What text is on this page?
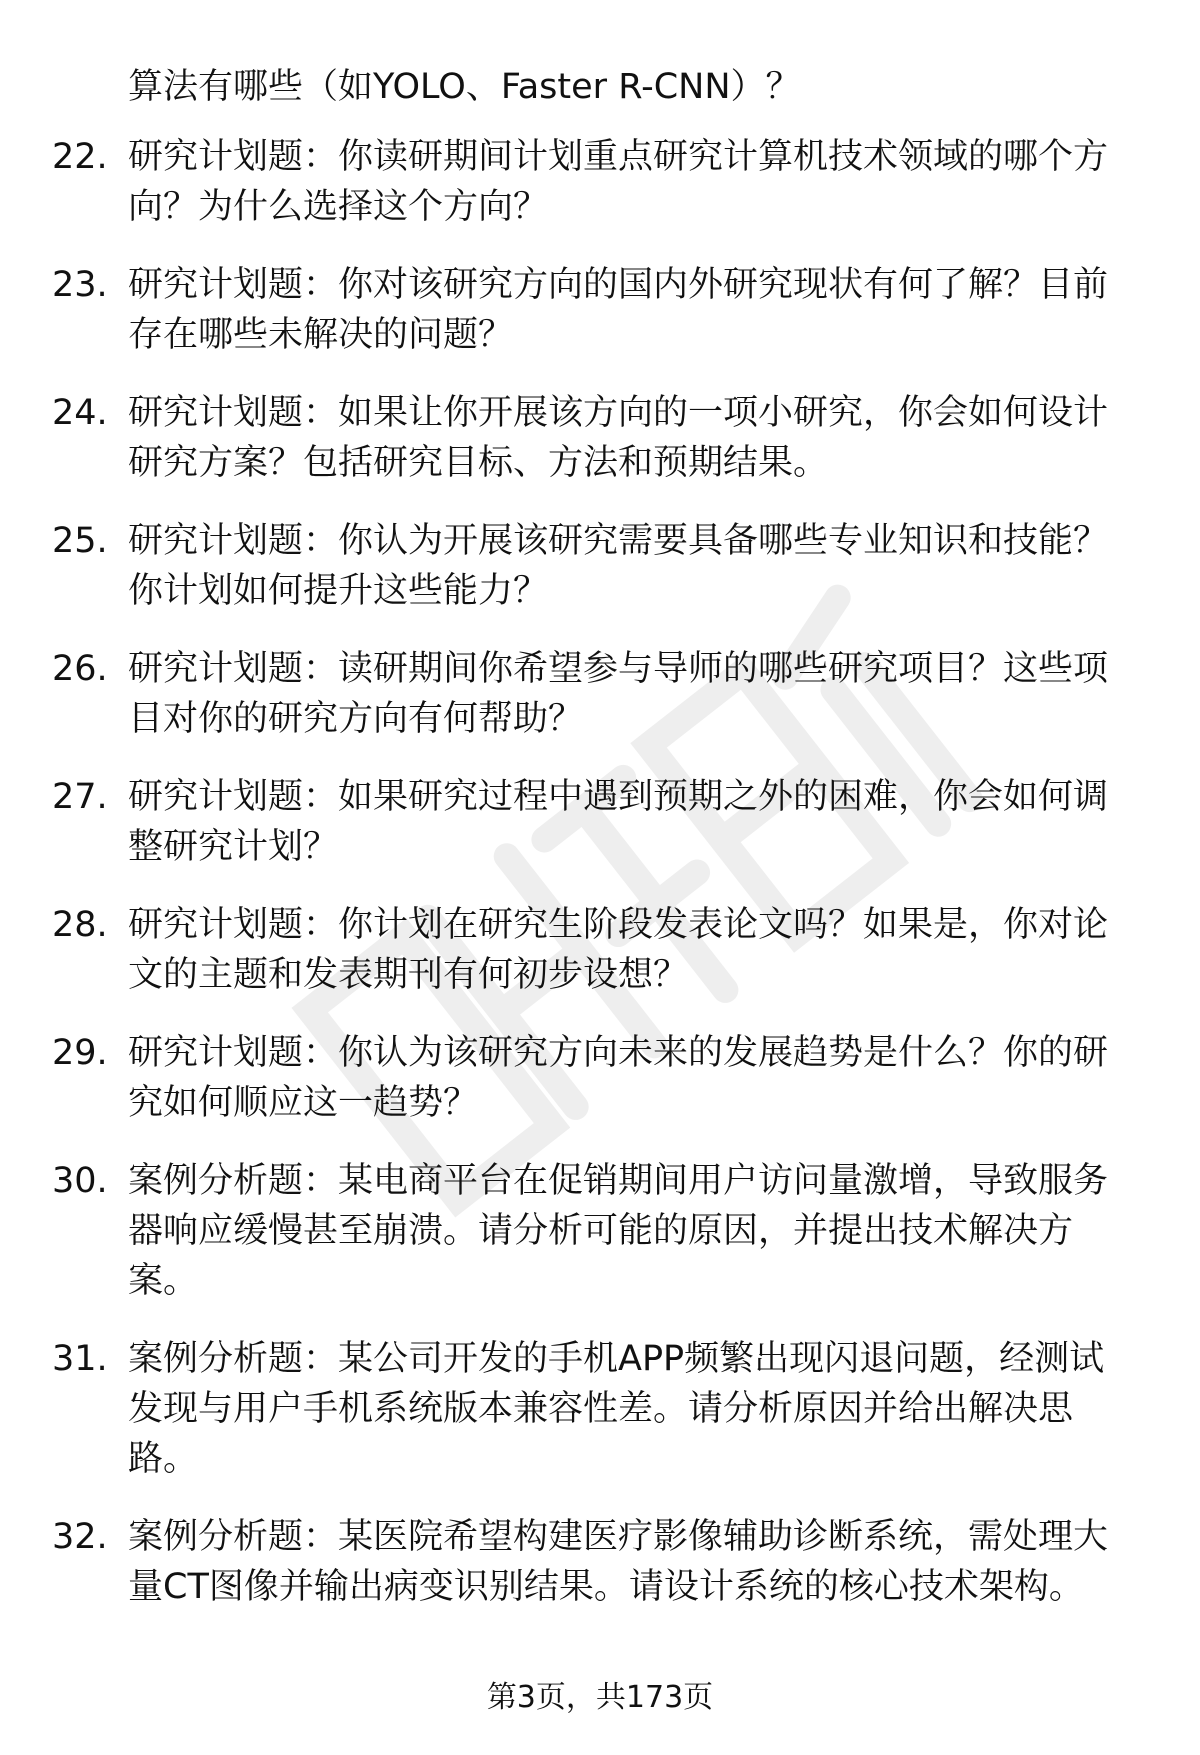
算法有哪些（如YOLO、Faster R-CNN）？

22. 研究计划题：你读研期间计划重点研究计算机技术领域的哪个方向？为什么选择这个方向？
23. 研究计划题：你对该研究方向的国内外研究现状有何了解？目前存在哪些未解决的问题？
24. 研究计划题：如果让你开展该方向的一项小研究，你会如何设计研究方案？包括研究目标、方法和预期结果。
25. 研究计划题：你认为开展该研究需要具备哪些专业知识和技能？你计划如何提升这些能力？
26. 研究计划题：读研期间你希望参与导师的哪些研究项目？这些项目对你的研究方向有何帮助？
27. 研究计划题：如果研究过程中遇到预期之外的困难，你会如何调整研究计划？
28. 研究计划题：你计划在研究生阶段发表论文吗？如果是，你对论文的主题和发表期刊有何初步设想？
29. 研究计划题：你认为该研究方向未来的发展趋势是什么？你的研究如何顺应这一趋势？
30. 案例分析题：某电商平台在促销期间用户访问量激增，导致服务器响应缓慢甚至崩溃。请分析可能的原因，并提出技术解决方案。
31. 案例分析题：某公司开发的手机APP频繁出现闪退问题，经测试发现与用户手机系统版本兼容性差。请分析原因并给出解决思路。
32. 案例分析题：某医院希望构建医疗影像辅助诊断系统，需处理大量CT图像并输出病变识别结果。请设计系统的核心技术架构。
第3页，共173页
